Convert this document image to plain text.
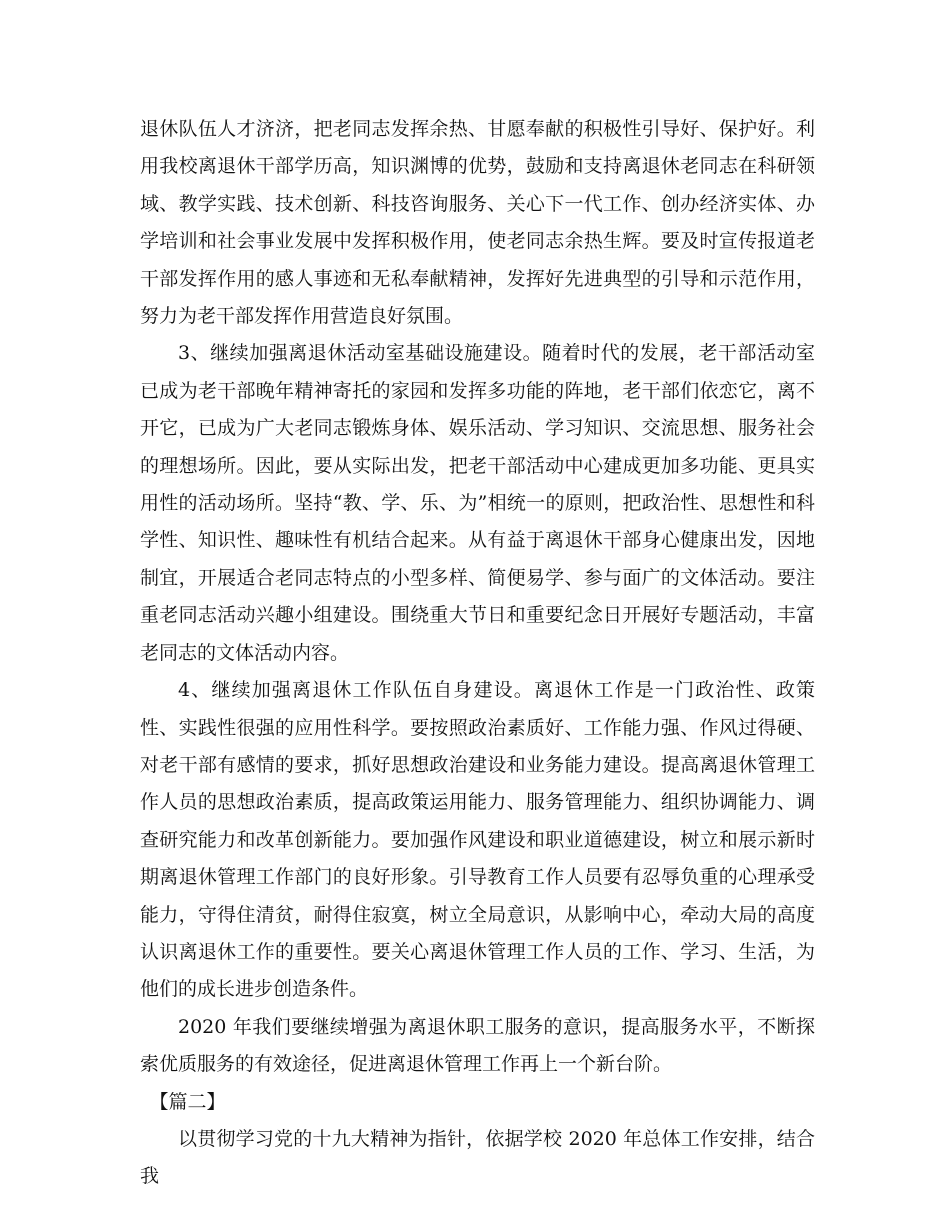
退休队伍人才济济，把老同志发挥余热、甘愿奉献的积极性引导好、保护好。利用我校离退休干部学历高，知识渊博的优势，鼓励和支持离退休老同志在科研领域、教学实践、技术创新、科技咨询服务、关心下一代工作、创办经济实体、办学培训和社会事业发展中发挥积极作用，使老同志余热生辉。要及时宣传报道老干部发挥作用的感人事迹和无私奉献精神，发挥好先进典型的引导和示范作用，努力为老干部发挥作用营造良好氛围。

3、继续加强离退休活动室基础设施建设。随着时代的发展，老干部活动室已成为老干部晚年精神寄托的家园和发挥多功能的阵地，老干部们依恋它，离不开它，已成为广大老同志锻炼身体、娱乐活动、学习知识、交流思想、服务社会的理想场所。因此，要从实际出发，把老干部活动中心建成更加多功能、更具实用性的活动场所。坚持“教、学、乐、为”相统一的原则，把政治性、思想性和科学性、知识性、趣味性有机结合起来。从有益于离退休干部身心健康出发，因地制宜，开展适合老同志特点的小型多样、简便易学、参与面广的文体活动。要注重老同志活动兴趣小组建设。围绕重大节日和重要纪念日开展好专题活动，丰富老同志的文体活动内容。

4、继续加强离退休工作队伍自身建设。离退休工作是一门政治性、政策性、实践性很强的应用性科学。要按照政治素质好、工作能力强、作风过得硬、对老干部有感情的要求，抓好思想政治建设和业务能力建设。提高离退休管理工作人员的思想政治素质，提高政策运用能力、服务管理能力、组织协调能力、调查研究能力和改革创新能力。要加强作风建设和职业道德建设，树立和展示新时期离退休管理工作部门的良好形象。引导教育工作人员要有忍辱负重的心理承受能力，守得住清贫，耐得住寂寞，树立全局意识，从影响中心，牵动大局的高度认识离退休工作的重要性。要关心离退休管理工作人员的工作、学习、生活，为他们的成长进步创造条件。

2020 年我们要继续增强为离退休职工服务的意识，提高服务水平，不断探索优质服务的有效途径，促进离退休管理工作再上一个新台阶。

　【篇二】

以贯彻学习党的十九大精神为指针，依据学校 2020 年总体工作安排，结合我
